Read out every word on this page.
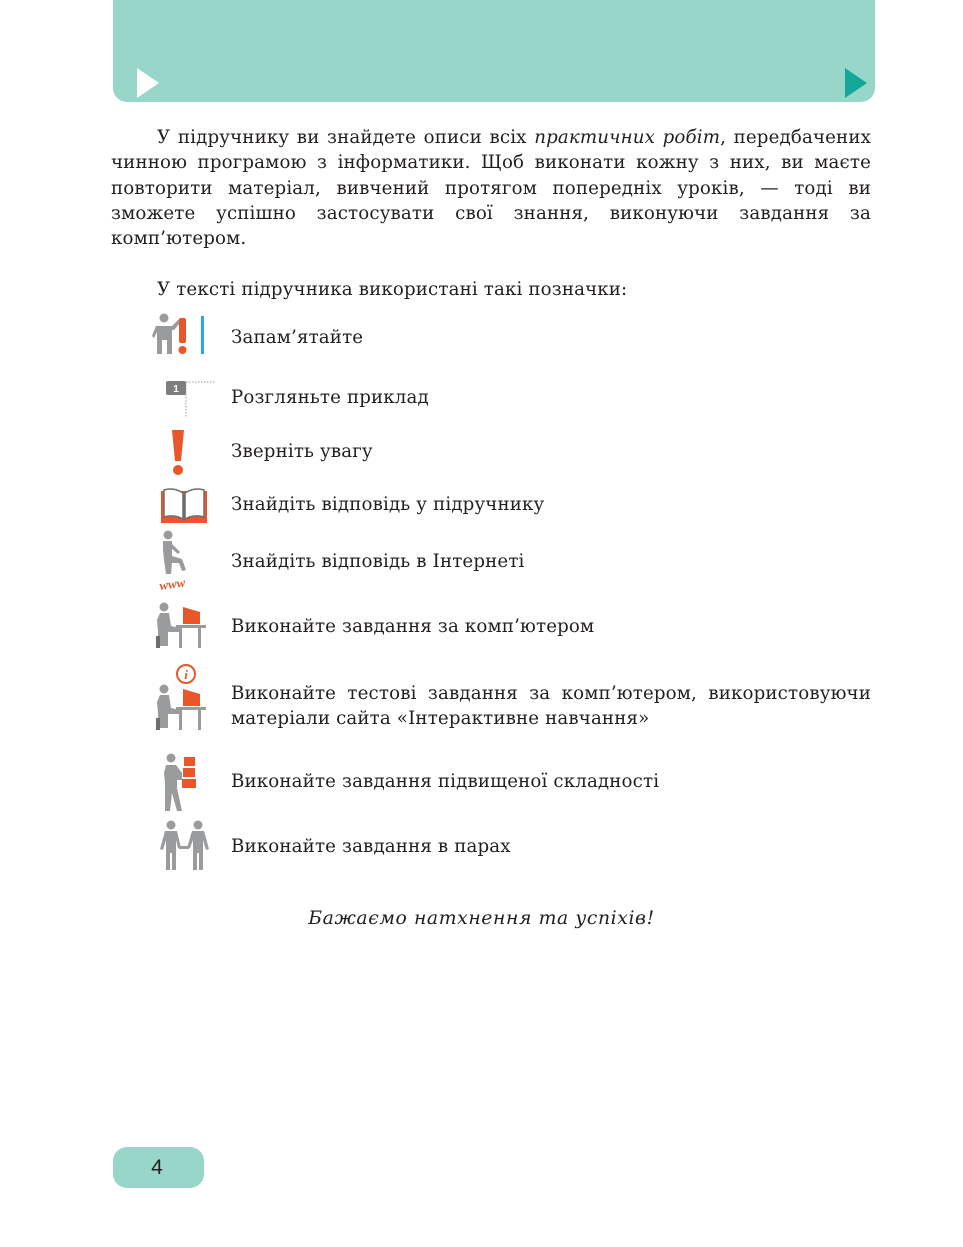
У підручнику ви знайдете описи всіх практичних робіт, передбачених чинною програмою з інформатики. Щоб виконати кожну з них, ви маєте повторити матеріал, вивчений протягом попередніх уроків, — тоді ви зможете успішно застосувати свої знання, виконуючи завдання за комп’ютером.

У тексті підручника використані такі позначки:

Запам’ятайте

1	Розгляньте приклад

Зверніть увагу

Знайдіть відповідь у підручнику

www

Знайдіть відповідь в Інтернеті

Виконайте завдання за комп’ютером

i

Виконайте тестові завдання за комп’ютером, використовуючи матеріали сайта «Інтерактивне навчання»

Виконайте завдання підвищеної складності

Виконайте завдання в парах

Бажаємо натхнення та успіхів!

4
